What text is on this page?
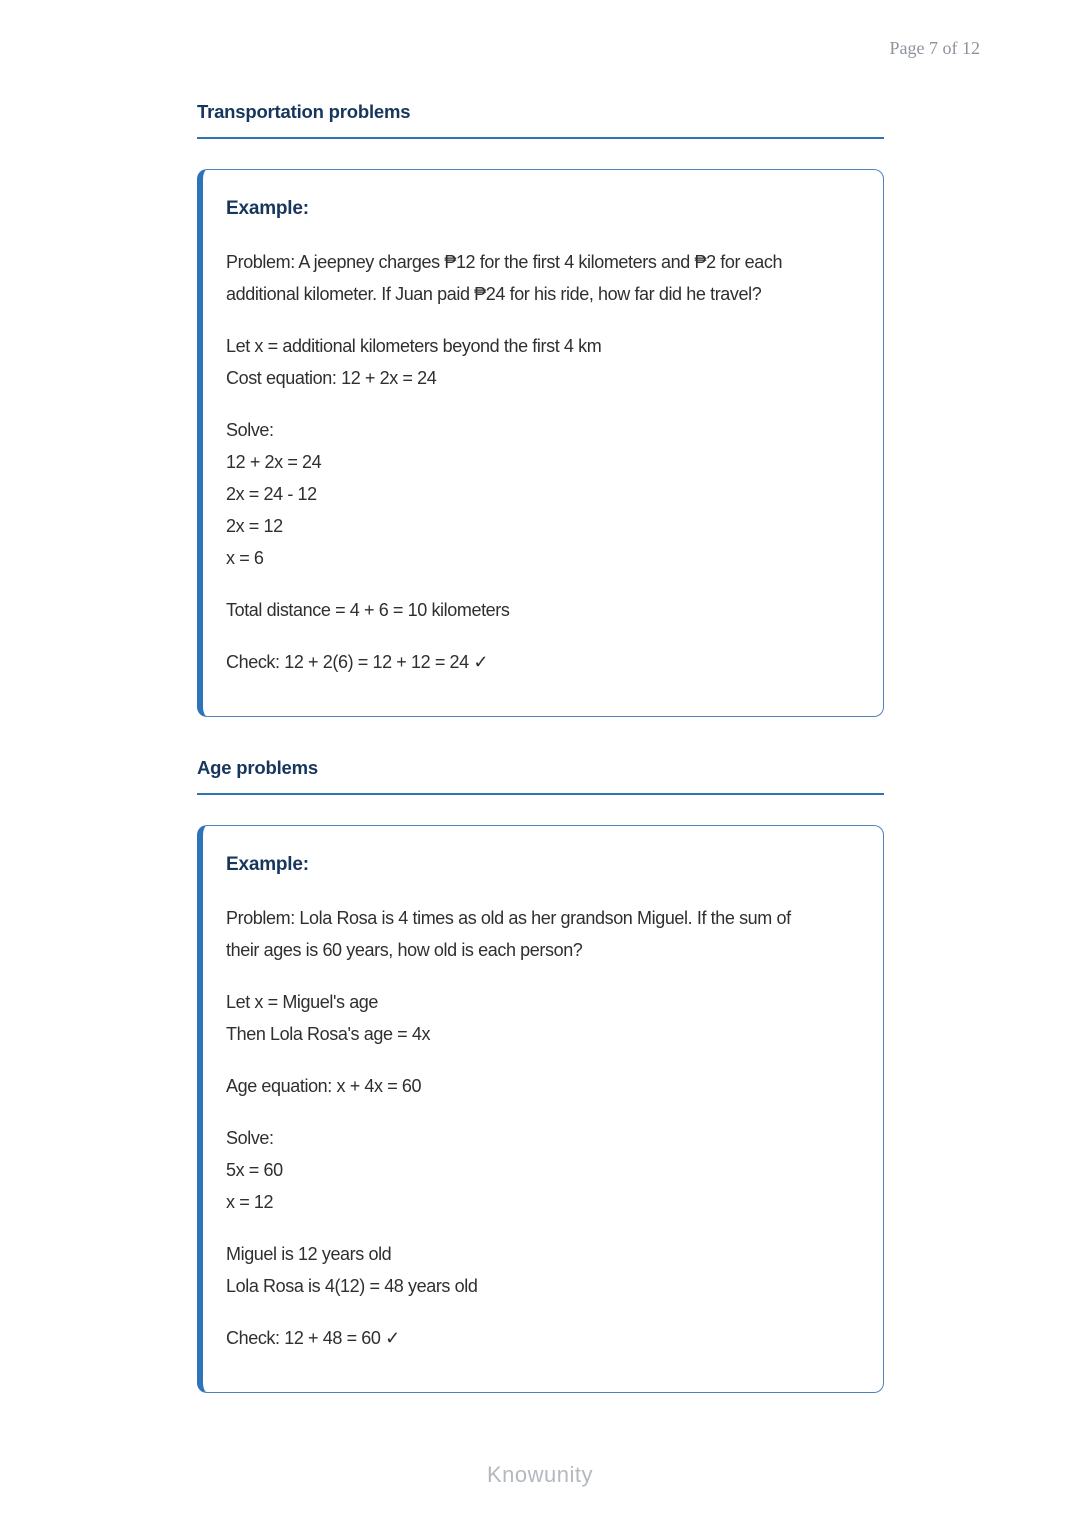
Page 7 of 12
Transportation problems
Example:
Problem: A jeepney charges ₱12 for the first 4 kilometers and ₱2 for each
additional kilometer. If Juan paid ₱24 for his ride, how far did he travel?
Let x = additional kilometers beyond the first 4 km
Cost equation: 12 + 2x = 24
Solve:
12 + 2x = 24
2x = 24 - 12
2x = 12
x = 6
Total distance = 4 + 6 = 10 kilometers
Check: 12 + 2(6) = 12 + 12 = 24 ✓
Age problems
Example:
Problem: Lola Rosa is 4 times as old as her grandson Miguel. If the sum of
their ages is 60 years, how old is each person?
Let x = Miguel's age
Then Lola Rosa's age = 4x
Age equation: x + 4x = 60
Solve:
5x = 60
x = 12
Miguel is 12 years old
Lola Rosa is 4(12) = 48 years old
Check: 12 + 48 = 60 ✓
Knowunity
